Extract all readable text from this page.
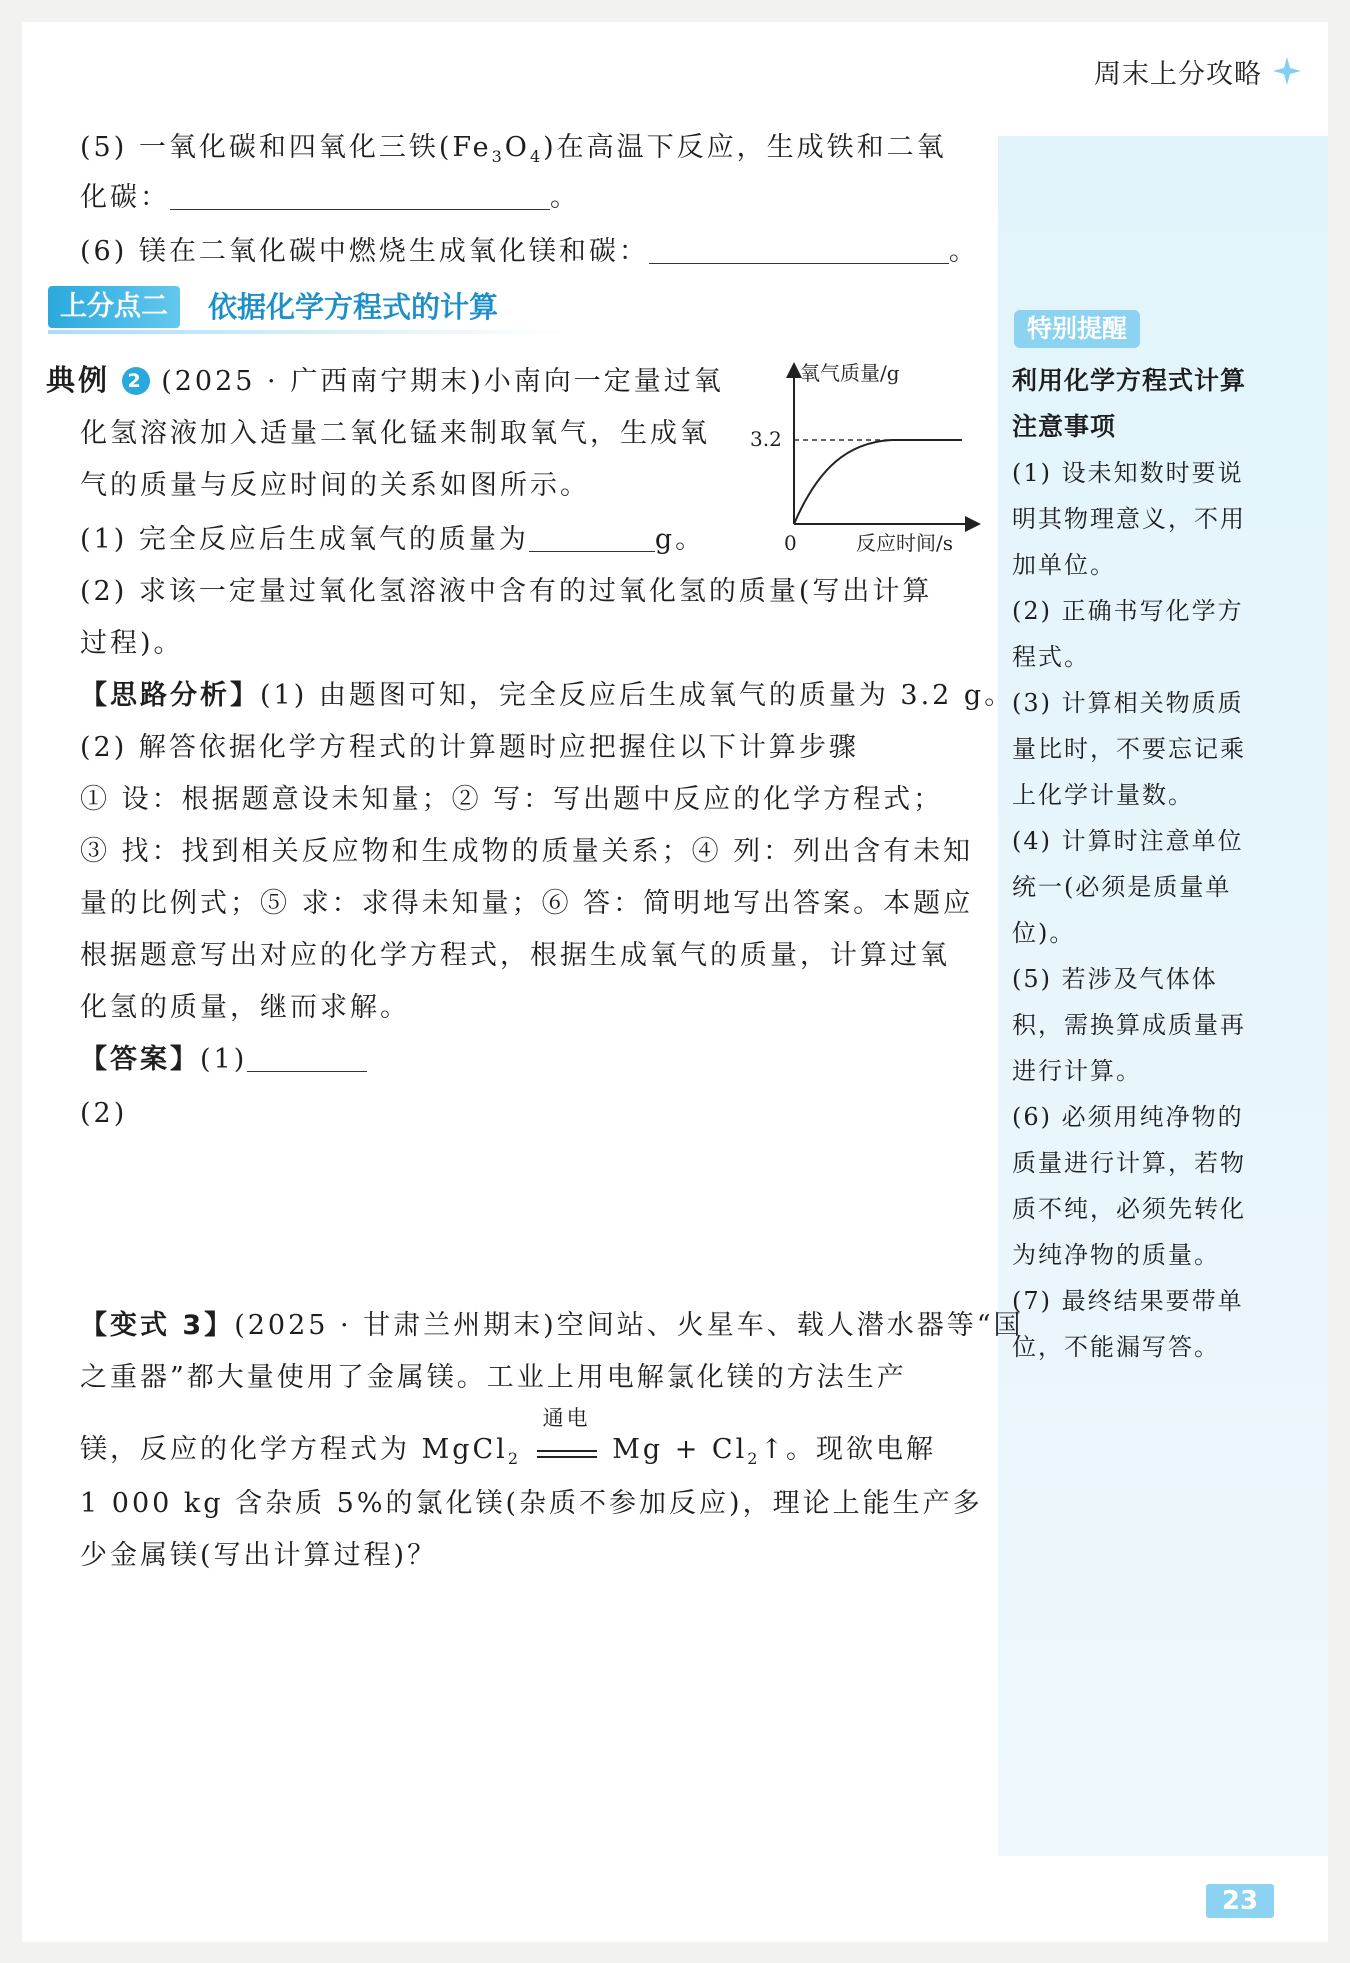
周末上分攻略
(5) 一氧化碳和四氧化三铁$(Fe_3O_4)$在高温下反应，生成铁和二氧
化碳：	。
(6) 镁在二氧化碳中燃烧生成氧化镁和碳：	。
上分点二	依据化学方程式的计算
典例 2 (2025 · 广西南宁期末)小南向一定量过氧
化氢溶液加入适量二氧化锰来制取氧气，生成氧
气的质量与反应时间的关系如图所示。
(1) 完全反应后生成氧气的质量为	g。
(2) 求该一定量过氧化氢溶液中含有的过氧化氢的质量(写出计算
过程)。
氧气质量/g
反应时间/s
0
3.2
【思路分析】(1) 由题图可知，完全反应后生成氧气的质量为 3.2 g。
(2) 解答依据化学方程式的计算题时应把握住以下计算步骤
① 设：根据题意设未知量；② 写：写出题中反应的化学方程式；
③ 找：找到相关反应物和生成物的质量关系；④ 列：列出含有未知
量的比例式；⑤ 求：求得未知量；⑥ 答：简明地写出答案。本题应
根据题意写出对应的化学方程式，根据生成氧气的质量，计算过氧
化氢的质量，继而求解。
【答案】(1)
(2)
【变式 3】(2025 · 甘肃兰州期末)空间站、火星车、载人潜水器等“国
之重器”都大量使用了金属镁。工业上用电解氯化镁的方法生产
镁，反应的化学方程式为 MgCl$_2$
通电
$Mg + Cl_2↑$。现欲电解
1 000 kg 含杂质 5%的氯化镁(杂质不参加反应)，理论上能生产多
少金属镁(写出计算过程)？
特别提醒
利用化学方程式计算
注意事项
(1) 设未知数时要说
明其物理意义，不用
加单位。
(2) 正确书写化学方
程式。
(3) 计算相关物质质
量比时，不要忘记乘
上化学计量数。
(4) 计算时注意单位
统一(必须是质量单
位)。
(5) 若涉及气体体
积，需换算成质量再
进行计算。
(6) 必须用纯净物的
质量进行计算，若物
质不纯，必须先转化
为纯净物的质量。
(7) 最终结果要带单
位，不能漏写答。
23
